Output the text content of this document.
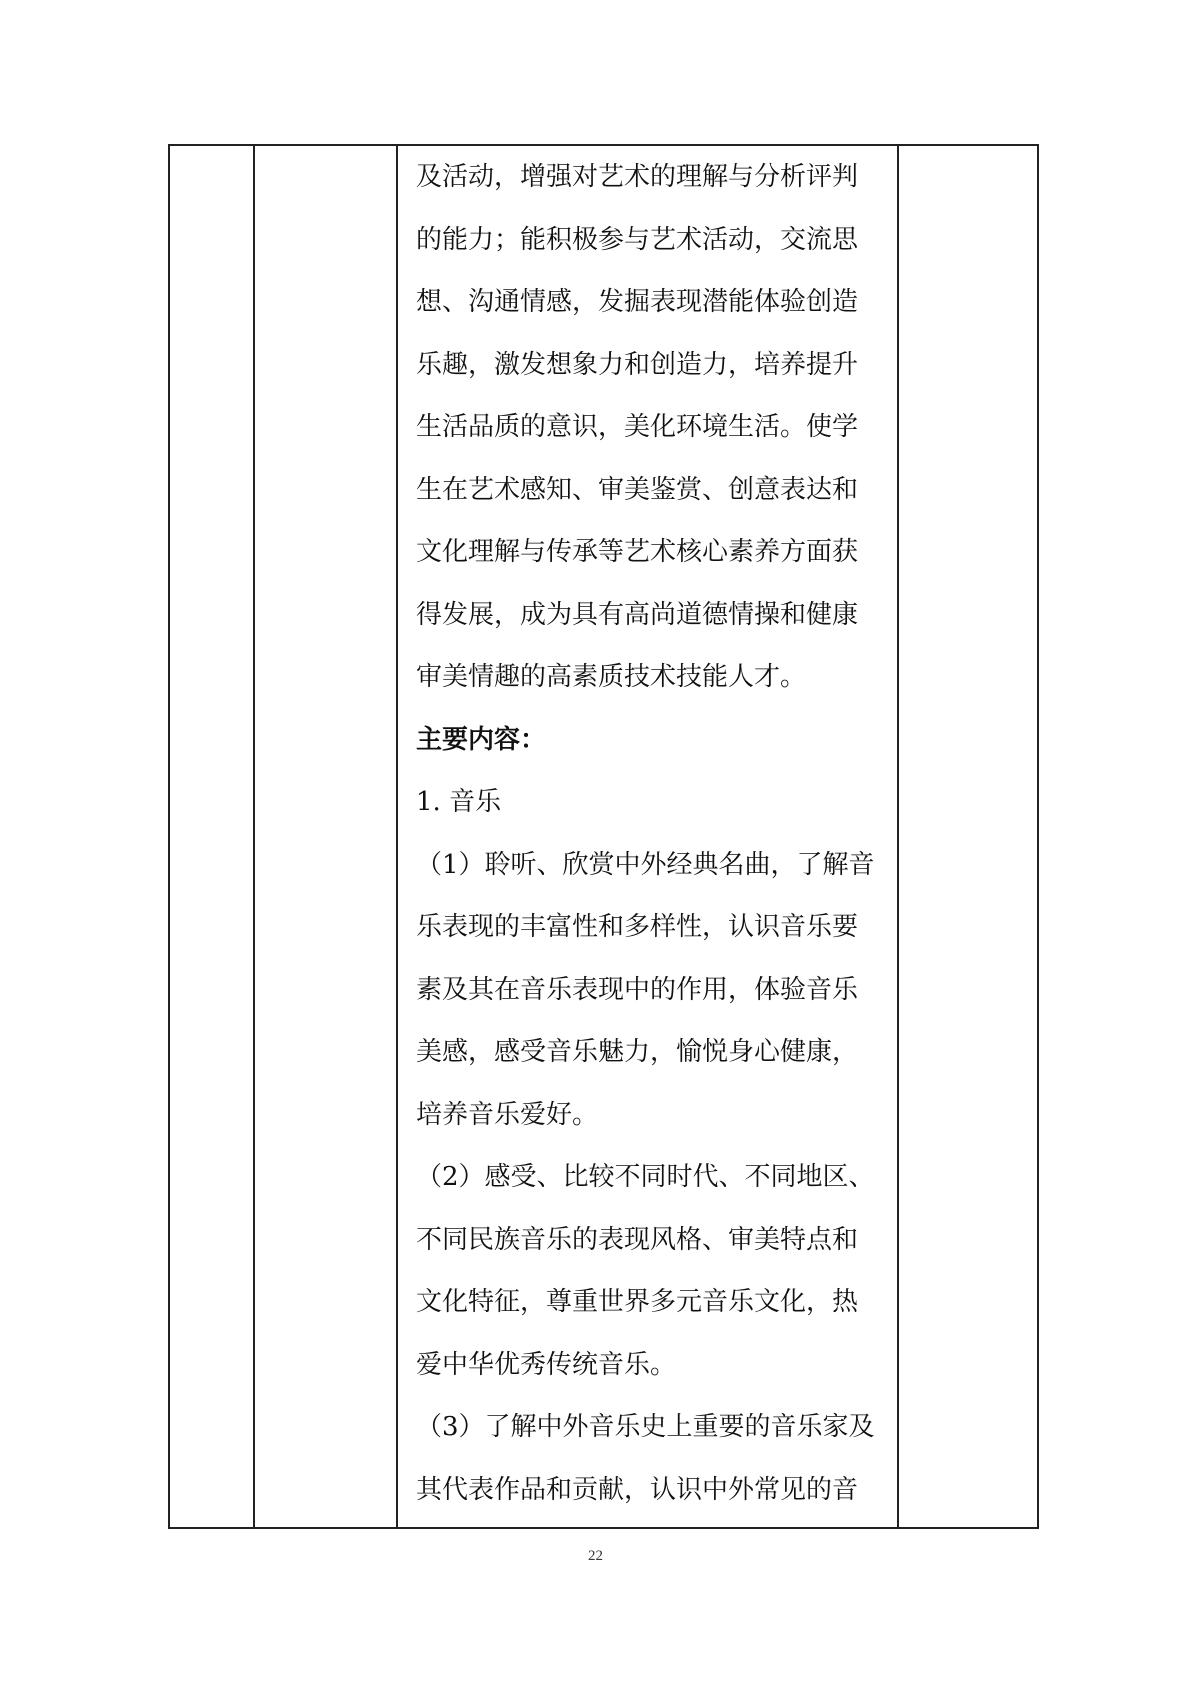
及活动，增强对艺术的理解与分析评判
的能力；能积极参与艺术活动，交流思
想、沟通情感，发掘表现潜能体验创造
乐趣，激发想象力和创造力，培养提升
生活品质的意识，美化环境生活。使学
生在艺术感知、审美鉴赏、创意表达和
文化理解与传承等艺术核心素养方面获
得发展，成为具有高尚道德情操和健康
审美情趣的高素质技术技能人才。
主要内容：
1. 音乐
（1）聆听、欣赏中外经典名曲，了解音
乐表现的丰富性和多样性，认识音乐要
素及其在音乐表现中的作用，体验音乐
美感，感受音乐魅力，愉悦身心健康，
培养音乐爱好。
（2）感受、比较不同时代、不同地区、
不同民族音乐的表现风格、审美特点和
文化特征，尊重世界多元音乐文化，热
爱中华优秀传统音乐。
（3）了解中外音乐史上重要的音乐家及
其代表作品和贡献，认识中外常见的音
22
